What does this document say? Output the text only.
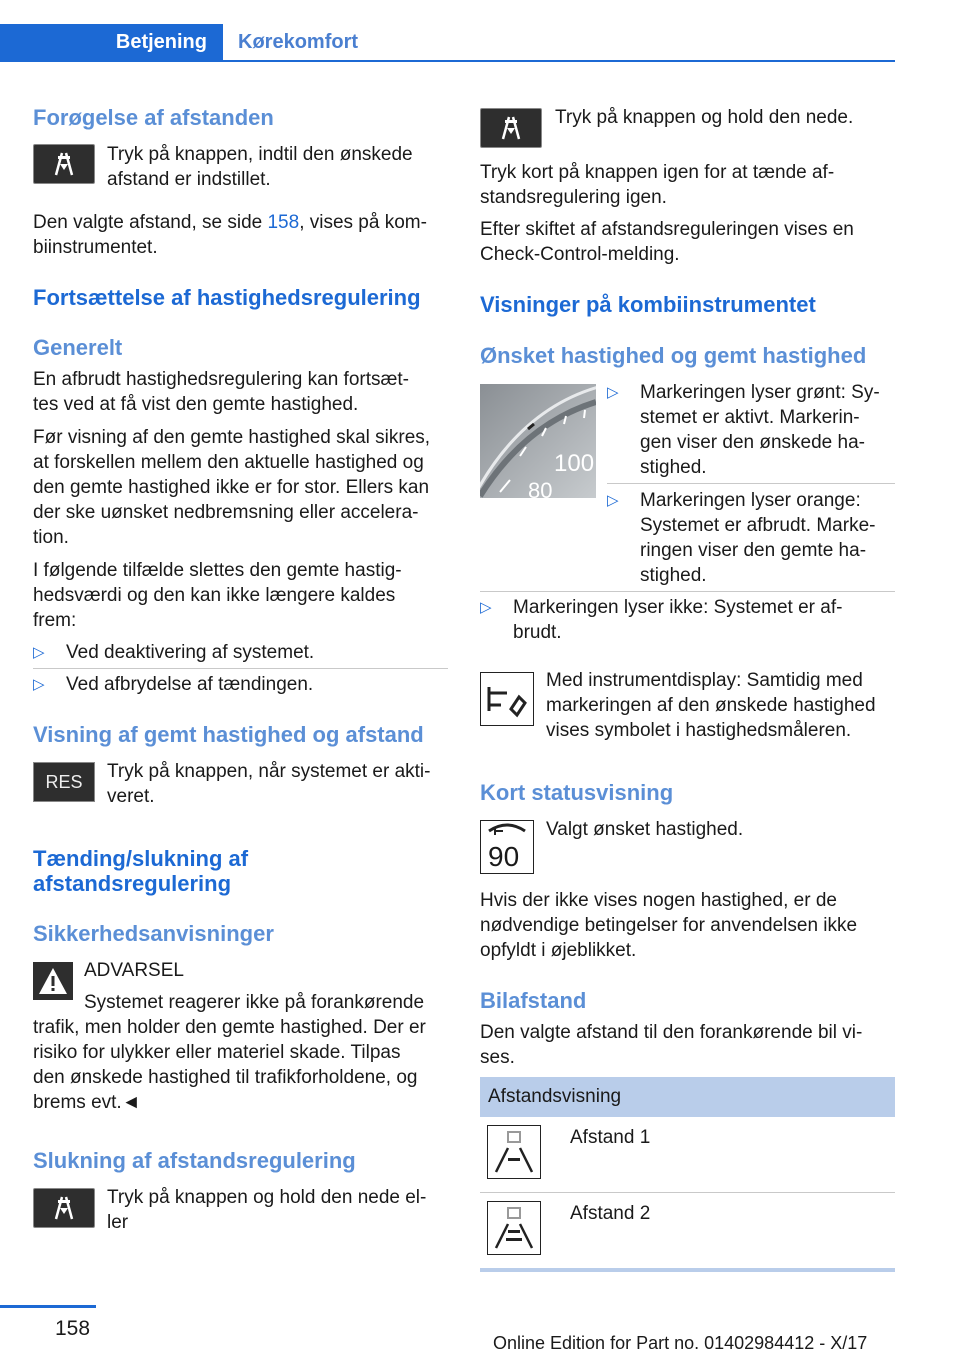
Betjening	Kørekomfort
Forøgelse af afstanden
Tryk på knappen, indtil den ønskede
afstand er indstillet.
Den valgte afstand, se side 158, vises på kom-
biinstrumentet.
Fortsættelse af hastighedsregulering
Generelt
En afbrudt hastighedsregulering kan fortsæt-
tes ved at få vist den gemte hastighed.
Før visning af den gemte hastighed skal sikres,
at forskellen mellem den aktuelle hastighed og
den gemte hastighed ikke er for stor. Ellers kan
der ske uønsket nedbremsning eller accelera-
tion.
I følgende tilfælde slettes den gemte hastig-
hedsværdi og den kan ikke længere kaldes
frem:
▷ Ved deaktivering af systemet.
▷ Ved afbrydelse af tændingen.
Visning af gemt hastighed og afstand
RES	Tryk på knappen, når systemet er akti-
veret.
Tænding/slukning af
afstandsregulering
Sikkerhedsanvisninger
ADVARSEL
Systemet reagerer ikke på forankørende
trafik, men holder den gemte hastighed. Der er
risiko for ulykker eller materiel skade. Tilpas
den ønskede hastighed til trafikforholdene, og
brems evt.◄
Slukning af afstandsregulering
Tryk på knappen og hold den nede el-
ler
Tryk på knappen og hold den nede.
Tryk kort på knappen igen for at tænde af-
standsregulering igen.
Efter skiftet af afstandsreguleringen vises en
Check-Control-melding.
Visninger på kombiinstrumentet
Ønsket hastighed og gemt hastighed
100
80
▷ Markeringen lyser grønt: Sy-
stemet er aktivt. Markerin-
gen viser den ønskede ha-
stighed.
▷ Markeringen lyser orange:
Systemet er afbrudt. Marke-
ringen viser den gemte ha-
stighed.
▷ Markeringen lyser ikke: Systemet er af-
brudt.
Med instrumentdisplay: Samtidig med
markeringen af den ønskede hastighed
vises symbolet i hastighedsmåleren.
Kort statusvisning
90
Valgt ønsket hastighed.
Hvis der ikke vises nogen hastighed, er de
nødvendige betingelser for anvendelsen ikke
opfyldt i øjeblikket.
Bilafstand
Den valgte afstand til den forankørende bil vi-
ses.
Afstandsvisning
Afstand 1
Afstand 2
158
Online Edition for Part no. 01402984412 - X/17
